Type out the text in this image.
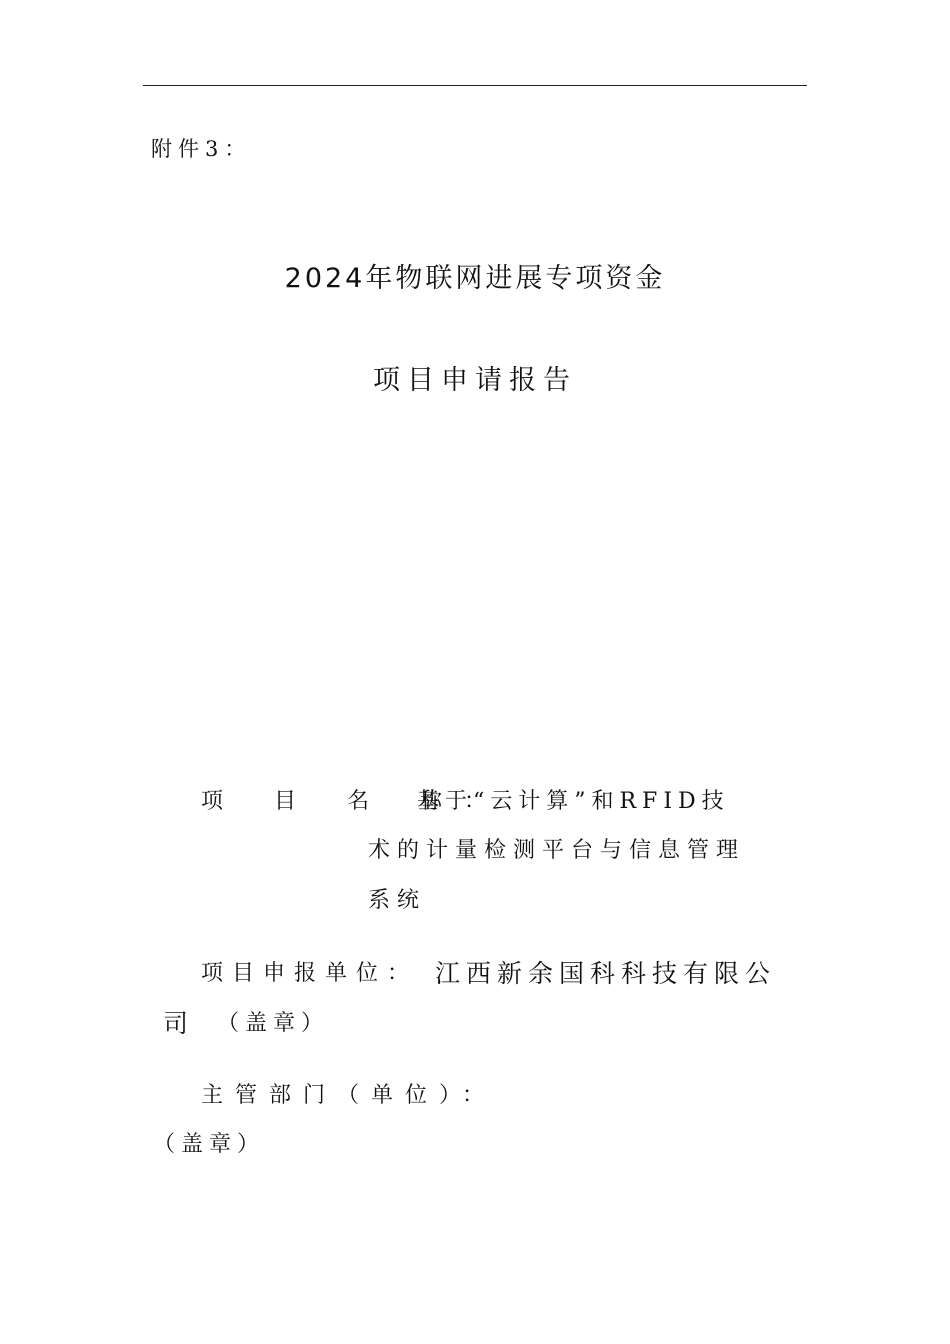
附件3：
2024年物联网进展专项资金
项目申请报告
项 目 名 称：
基于“云计算”和RFID技
术的计量检测平台与信息管理
系统
项目申报单位： 江西新余国科科技有限公
司 （盖章）
主管部门（单位）：
（盖章）
